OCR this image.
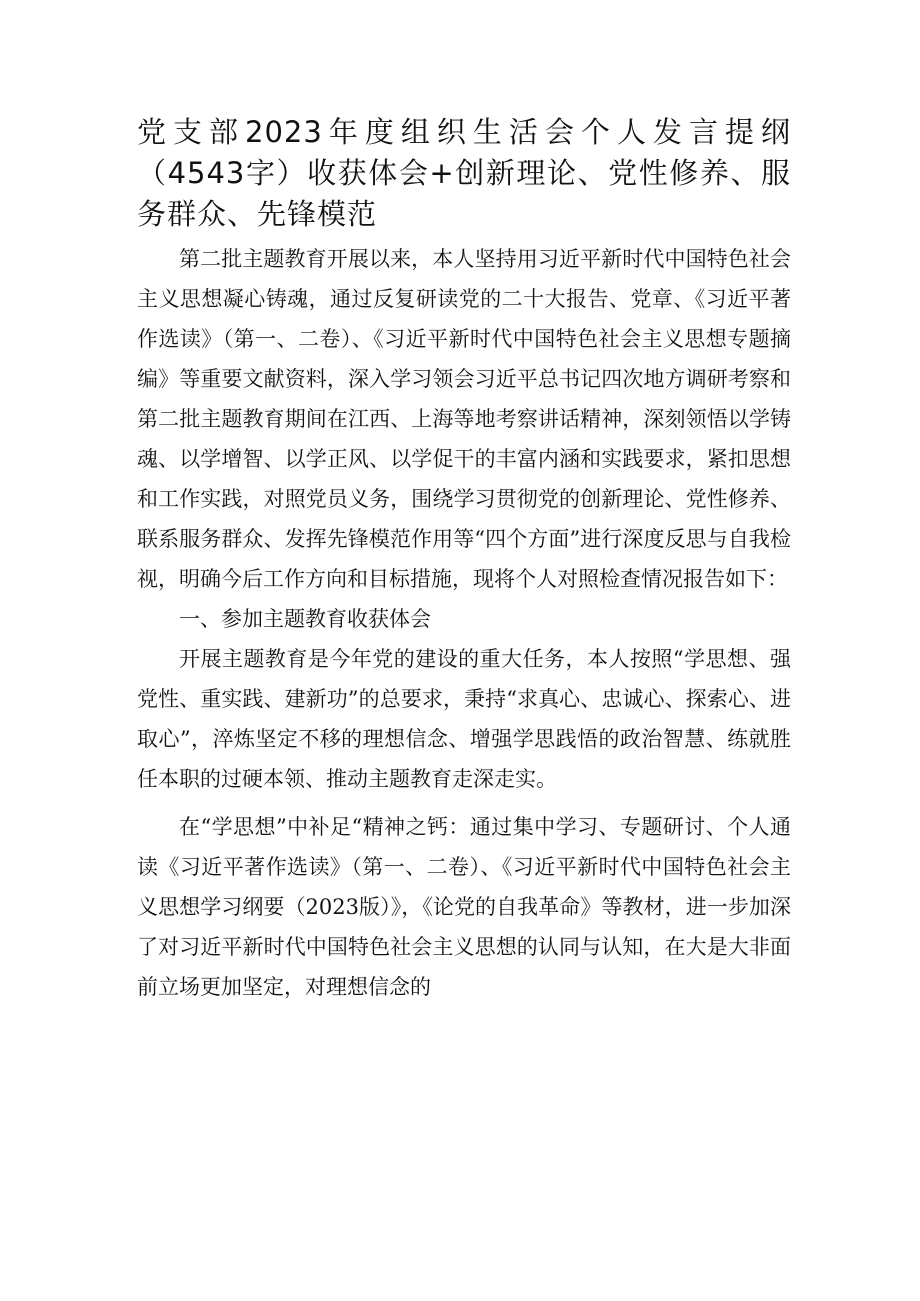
党支部2023年度组织生活会个人发言提纲（4543字）收获体会+创新理论、党性修养、服务群众、先锋模范

第二批主题教育开展以来，本人坚持用习近平新时代中国特色社会主义思想凝心铸魂，通过反复研读党的二十大报告、党章、《习近平著作选读》（第一、二卷）、《习近平新时代中国特色社会主义思想专题摘编》等重要文献资料，深入学习领会习近平总书记四次地方调研考察和第二批主题教育期间在江西、上海等地考察讲话精神，深刻领悟以学铸魂、以学增智、以学正风、以学促干的丰富内涵和实践要求，紧扣思想和工作实践，对照党员义务，围绕学习贯彻党的创新理论、党性修养、联系服务群众、发挥先锋模范作用等“四个方面”进行深度反思与自我检视，明确今后工作方向和目标措施，现将个人对照检查情况报告如下：

一、参加主题教育收获体会

开展主题教育是今年党的建设的重大任务，本人按照“学思想、强党性、重实践、建新功”的总要求，秉持“求真心、忠诚心、探索心、进取心”，淬炼坚定不移的理想信念、增强学思践悟的政治智慧、练就胜任本职的过硬本领、推动主题教育走深走实。

在“学思想”中补足“精神之钙：通过集中学习、专题研讨、个人通读《习近平著作选读》（第一、二卷）、《习近平新时代中国特色社会主义思想学习纲要（2023版）》，《论党的自我革命》等教材，进一步加深了对习近平新时代中国特色社会主义思想的认同与认知，在大是大非面前立场更加坚定，对理想信念的
